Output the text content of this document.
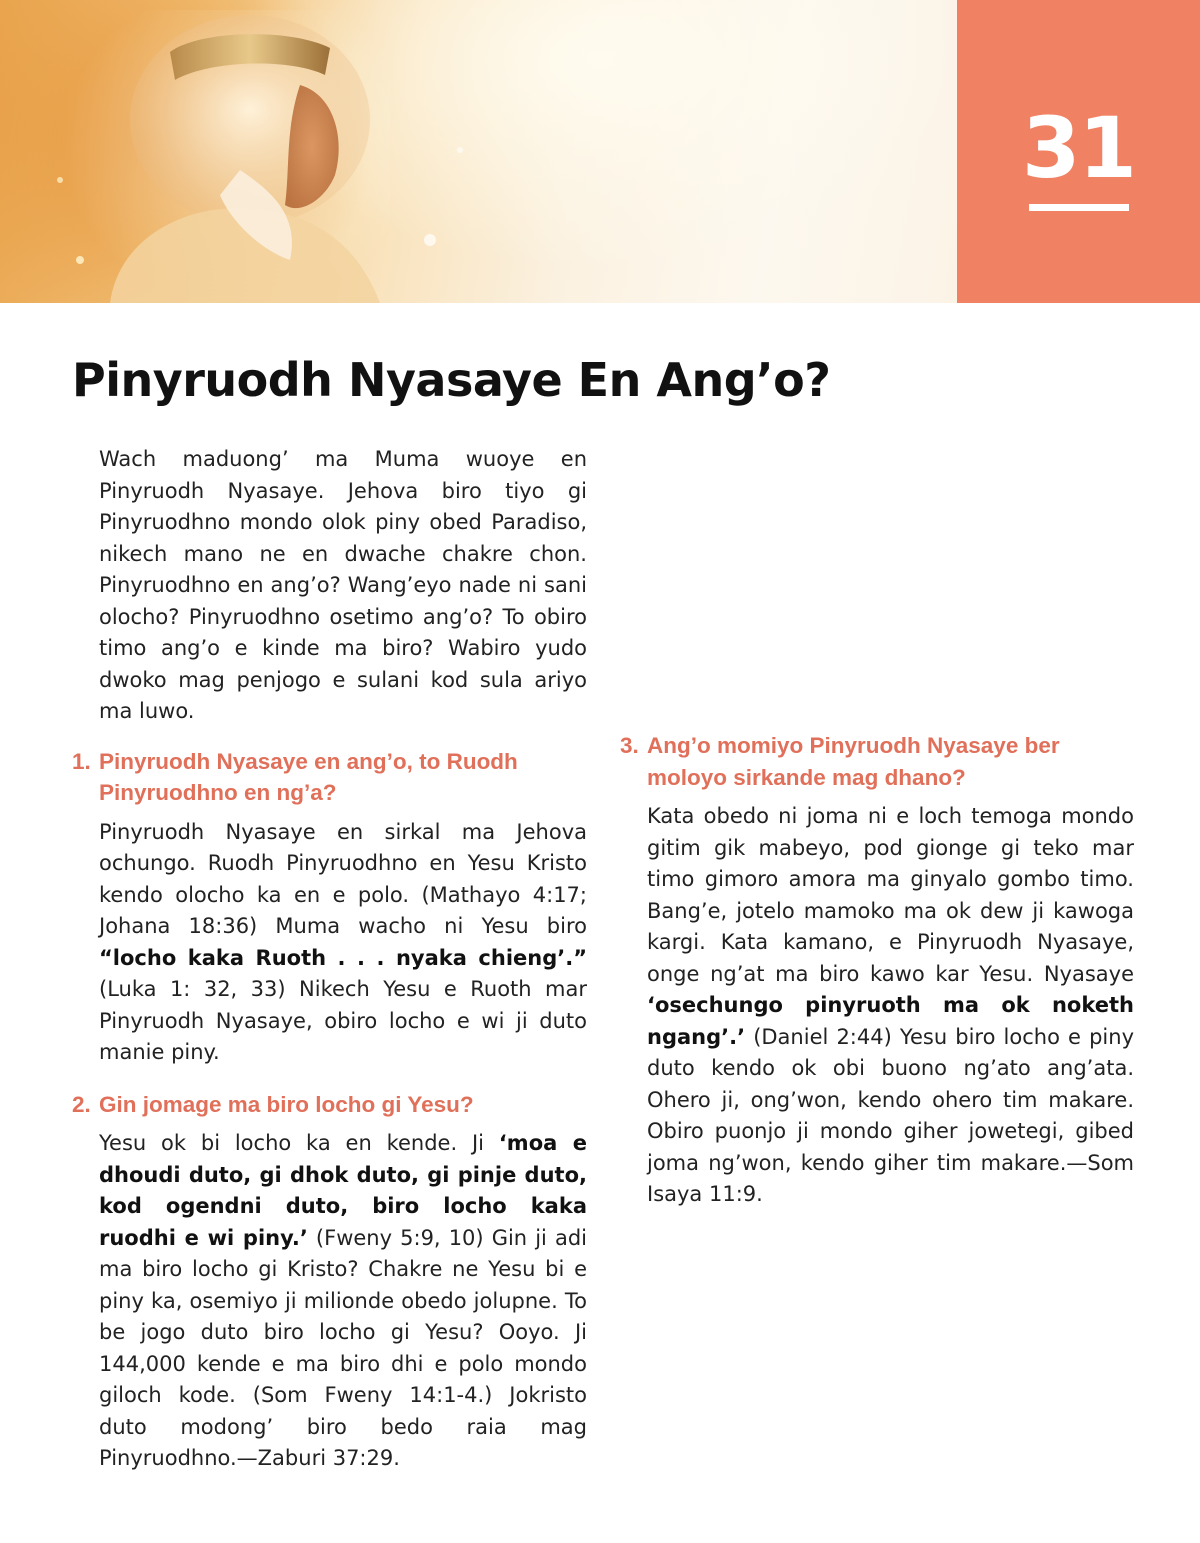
31
Pinyruodh Nyasaye En Ang’o?

Wach maduong’ ma Muma wuoye en Pinyruodh Nyasaye. Jehova biro tiyo gi Pinyruodhno mondo olok piny obed Paradiso, nikech mano ne en dwache chakre chon. Pinyruodhno en ang’o? Wang’eyo nade ni sani olocho? Pinyruodhno osetimo ang’o? To obiro timo ang’o e kinde ma biro? Wabiro yudo dwoko mag penjogo e sulani kod sula ariyo ma luwo.

1. Pinyruodh Nyasaye en ang’o, to Ruodh Pinyruodhno en ng’a?

Pinyruodh Nyasaye en sirkal ma Jehova ochungo. Ruodh Pinyruodhno en Yesu Kristo kendo olocho ka en e polo. (Mathayo 4:17; Johana 18:36) Muma wacho ni Yesu biro “locho kaka Ruoth . . . nyaka chieng’.” (Luka 1: 32, 33) Nikech Yesu e Ruoth mar Pinyruodh Nyasaye, obiro locho e wi ji duto manie piny.

2. Gin jomage ma biro locho gi Yesu?

Yesu ok bi locho ka en kende. Ji ‘moa e dhoudi duto, gi dhok duto, gi pinje duto, kod ogendni duto, biro locho kaka ruodhi e wi piny.’ (Fweny 5:9, 10) Gin ji adi ma biro locho gi Kristo? Chakre ne Yesu bi e piny ka, osemiyo ji milionde obedo jolupne. To be jogo duto biro locho gi Yesu? Ooyo. Ji 144,000 kende e ma biro dhi e polo mondo giloch kode. (Som Fweny 14:1-4.) Jokristo duto modong’ biro bedo raia mag Pinyruodhno.—Zaburi 37:29.

3. Ang’o momiyo Pinyruodh Nyasaye ber moloyo sirkande mag dhano?

Kata obedo ni joma ni e loch temoga mondo gitim gik mabeyo, pod gionge gi teko mar timo gimoro amora ma ginyalo gombo timo. Bang’e, jotelo mamoko ma ok dew ji kawoga kargi. Kata kamano, e Pinyruodh Nyasaye, onge ng’at ma biro kawo kar Yesu. Nyasaye ‘osechungo pinyruoth ma ok noketh ngang’.’ (Daniel 2:44) Yesu biro locho e piny duto kendo ok obi buono ng’ato ang’ata. Ohero ji, ong’won, kendo ohero tim makare. Obiro puonjo ji mondo giher jowetegi, gibed joma ng’won, kendo giher tim makare.—Som Isaya 11:9.
